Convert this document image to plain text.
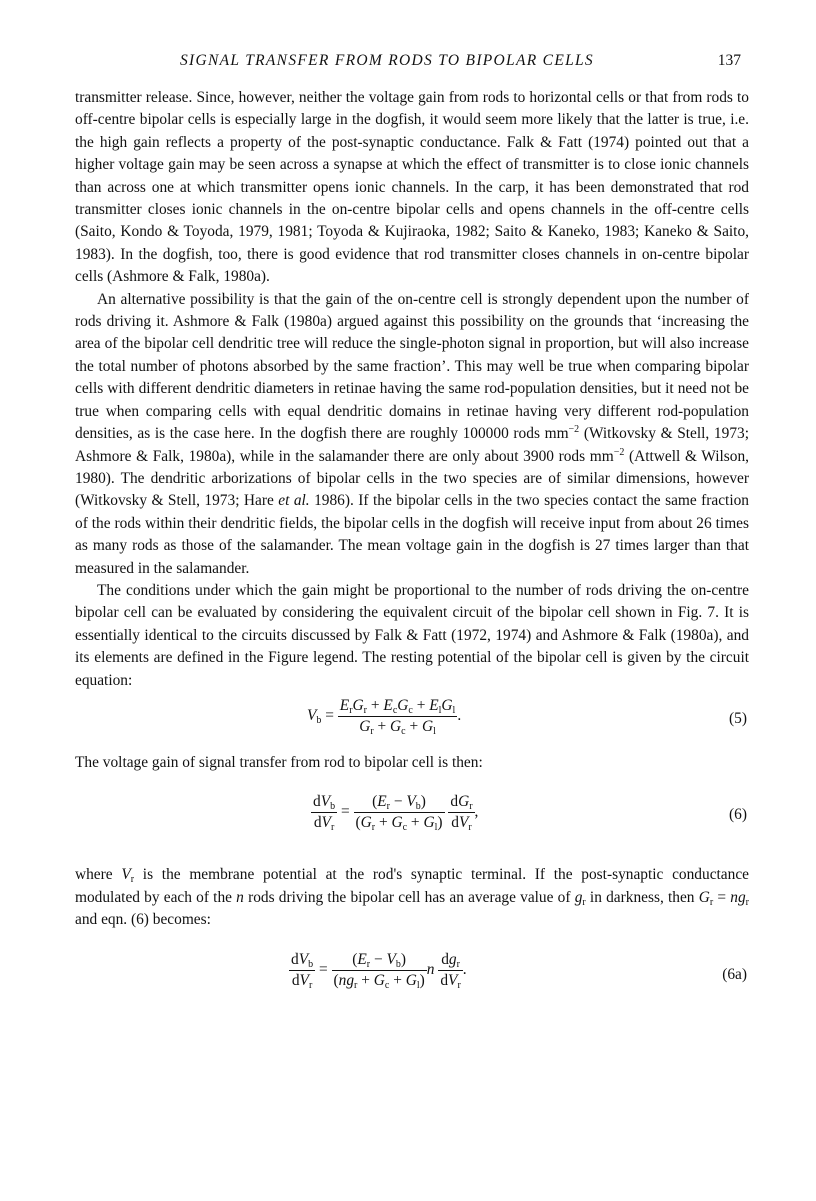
SIGNAL TRANSFER FROM RODS TO BIPOLAR CELLS	137

transmitter release. Since, however, neither the voltage gain from rods to horizontal cells or that from rods to off-centre bipolar cells is especially large in the dogfish, it would seem more likely that the latter is true, i.e. the high gain reflects a property of the post-synaptic conductance. Falk & Fatt (1974) pointed out that a higher voltage gain may be seen across a synapse at which the effect of transmitter is to close ionic channels than across one at which transmitter opens ionic channels. In the carp, it has been demonstrated that rod transmitter closes ionic channels in the on-centre bipolar cells and opens channels in the off-centre cells (Saito, Kondo & Toyoda, 1979, 1981; Toyoda & Kujiraoka, 1982; Saito & Kaneko, 1983; Kaneko & Saito, 1983). In the dogfish, too, there is good evidence that rod transmitter closes channels in on-centre bipolar cells (Ashmore & Falk, 1980a).

An alternative possibility is that the gain of the on-centre cell is strongly dependent upon the number of rods driving it. Ashmore & Falk (1980a) argued against this possibility on the grounds that ‘increasing the area of the bipolar cell dendritic tree will reduce the single-photon signal in proportion, but will also increase the total number of photons absorbed by the same fraction’. This may well be true when comparing bipolar cells with different dendritic diameters in retinae having the same rod-population densities, but it need not be true when comparing cells with equal dendritic domains in retinae having very different rod-population densities, as is the case here. In the dogfish there are roughly 100000 rods $mm^{-2}$ (Witkovsky & Stell, 1973; Ashmore & Falk, 1980a), while in the salamander there are only about 3900 rods $mm^{-2}$ (Attwell & Wilson, 1980). The dendritic arborizations of bipolar cells in the two species are of similar dimensions, however (Witkovsky & Stell, 1973; Hare et al. 1986). If the bipolar cells in the two species contact the same fraction of the rods within their dendritic fields, the bipolar cells in the dogfish will receive input from about 26 times as many rods as those of the salamander. The mean voltage gain in the dogfish is 27 times larger than that measured in the salamander.

The conditions under which the gain might be proportional to the number of rods driving the on-centre bipolar cell can be evaluated by considering the equivalent circuit of the bipolar cell shown in Fig. 7. It is essentially identical to the circuits discussed by Falk & Fatt (1972, 1974) and Ashmore & Falk (1980a), and its elements are defined in the Figure legend. The resting potential of the bipolar cell is given by the circuit equation:

$V_b = \frac{E_rG_r + E_cG_c + E_lG_l}{G_r + G_c + G_l}$ .	(5)

The voltage gain of signal transfer from rod to bipolar cell is then:

$\frac{dV_b}{dV_r} = \frac{(E_r - V_b)}{(G_r + G_c + G_l)}$
$\frac{dG_r}{dV_r}$ ,	(6)

where $V_r$ is the membrane potential at the rod's synaptic terminal. If the post-synaptic conductance modulated by each of the n rods driving the bipolar cell has an average value of $g_r$ in darkness, then $G_r = ng_r$ and eqn. (6) becomes:

$\frac{dV_b}{dV_r} = \frac{(E_r - V_b)}{(ng_r + G_c + G_l)}$ n $\frac{dg_r}{dV_r}$ .	(6a)
